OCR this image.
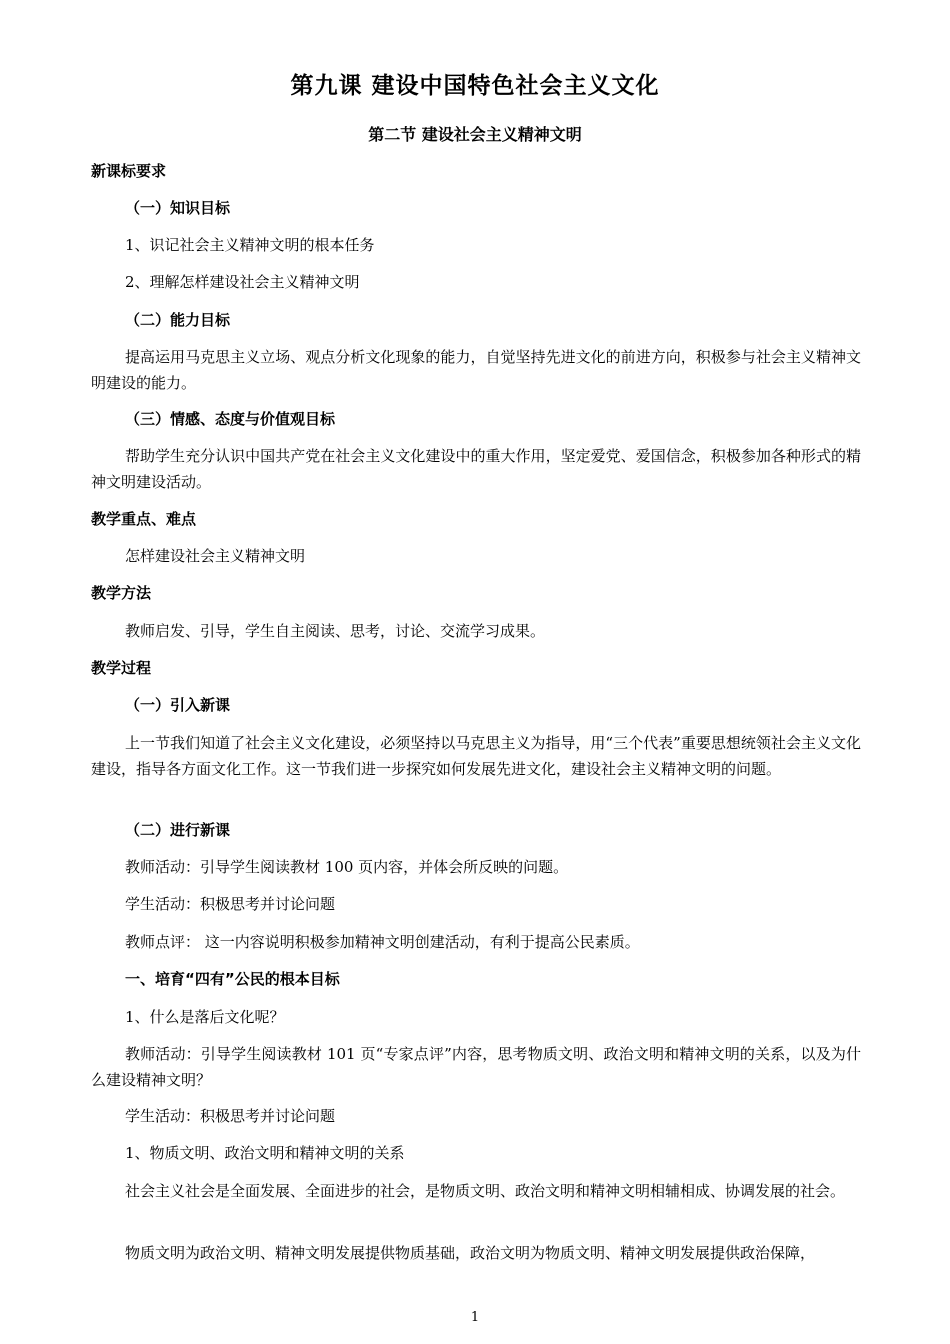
第九课 建设中国特色社会主义文化
第二节 建设社会主义精神文明
新课标要求
（一）知识目标
1、识记社会主义精神文明的根本任务
2、理解怎样建设社会主义精神文明
（二）能力目标
提高运用马克思主义立场、观点分析文化现象的能力，自觉坚持先进文化的前进方向，积极参与社会主义精神文明建设的能力。
（三）情感、态度与价值观目标
帮助学生充分认识中国共产党在社会主义文化建设中的重大作用，坚定爱党、爱国信念，积极参加各种形式的精神文明建设活动。
教学重点、难点
怎样建设社会主义精神文明
教学方法
教师启发、引导，学生自主阅读、思考，讨论、交流学习成果。
教学过程
（一）引入新课
上一节我们知道了社会主义文化建设，必须坚持以马克思主义为指导，用“三个代表”重要思想统领社会主义文化建设，指导各方面文化工作。这一节我们进一步探究如何发展先进文化，建设社会主义精神文明的问题。
（二）进行新课
教师活动：引导学生阅读教材 100 页内容，并体会所反映的问题。
学生活动：积极思考并讨论问题
教师点评： 这一内容说明积极参加精神文明创建活动，有利于提高公民素质。
一、培育“四有”公民的根本目标
1、什么是落后文化呢？
教师活动：引导学生阅读教材 101 页“专家点评”内容，思考物质文明、政治文明和精神文明的关系，以及为什么建设精神文明？
学生活动：积极思考并讨论问题
1、物质文明、政治文明和精神文明的关系
社会主义社会是全面发展、全面进步的社会，是物质文明、政治文明和精神文明相辅相成、协调发展的社会。
物质文明为政治文明、精神文明发展提供物质基础，政治文明为物质文明、精神文明发展提供政治保障，
1
